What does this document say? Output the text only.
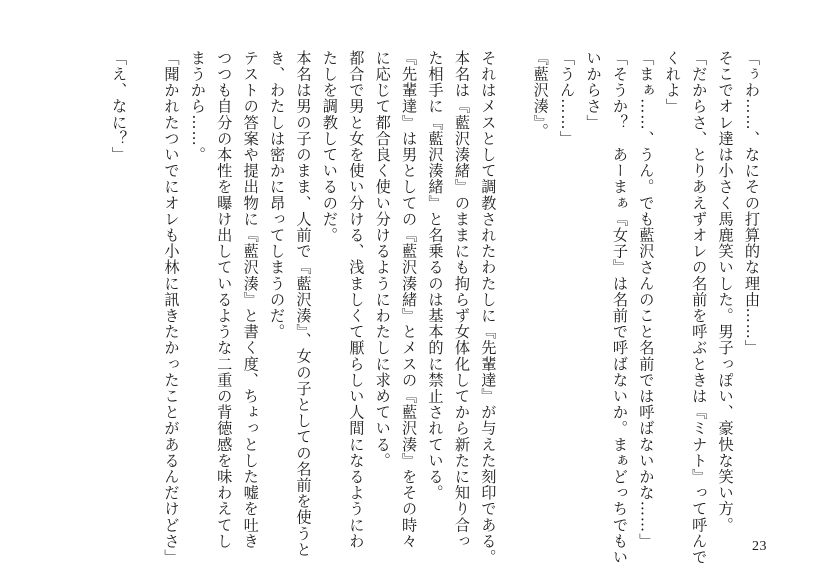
「ぅわ……、なにその打算的な理由……」

そこでオレ達は小さく馬鹿笑いした。男子っぽい、豪快な笑い方。

「だからさ、とりあえずオレの名前を呼ぶときは『ミナト』って呼んで

くれよ」

「まぁ……、うん。でも藍沢さんのこと名前では呼ばないかな……」

「そうか？　あーまぁ『女子』は名前で呼ばないか。まぁどっちでもい

いからさ」

「うん……」

『藍沢湊』。

それはメスとして調教されたわたしに『先輩達』が与えた刻印である。

本名は『藍沢湊緒』のままにも拘らず女体化してから新たに知り合っ

た相手に『藍沢湊緒』と名乗るのは基本的に禁止されている。

『先輩達』は男としての『藍沢湊緒』とメスの『藍沢湊』をその時々

に応じて都合良く使い分けるようにわたしに求めている。

都合で男と女を使い分ける、浅ましくて厭らしい人間になるようにわ

たしを調教しているのだ。

本名は男の子のまま、人前で『藍沢湊』、女の子としての名前を使うと

き、わたしは密かに昂ってしまうのだ。

テストの答案や提出物に『藍沢湊』と書く度、ちょっとした嘘を吐き

つつも自分の本性を曝け出しているような二重の背徳感を味わえてし

まうから……。

「聞かれたついでにオレも小林に訊きたかったことがあるんだけどさ」

「え、なに？」

23
